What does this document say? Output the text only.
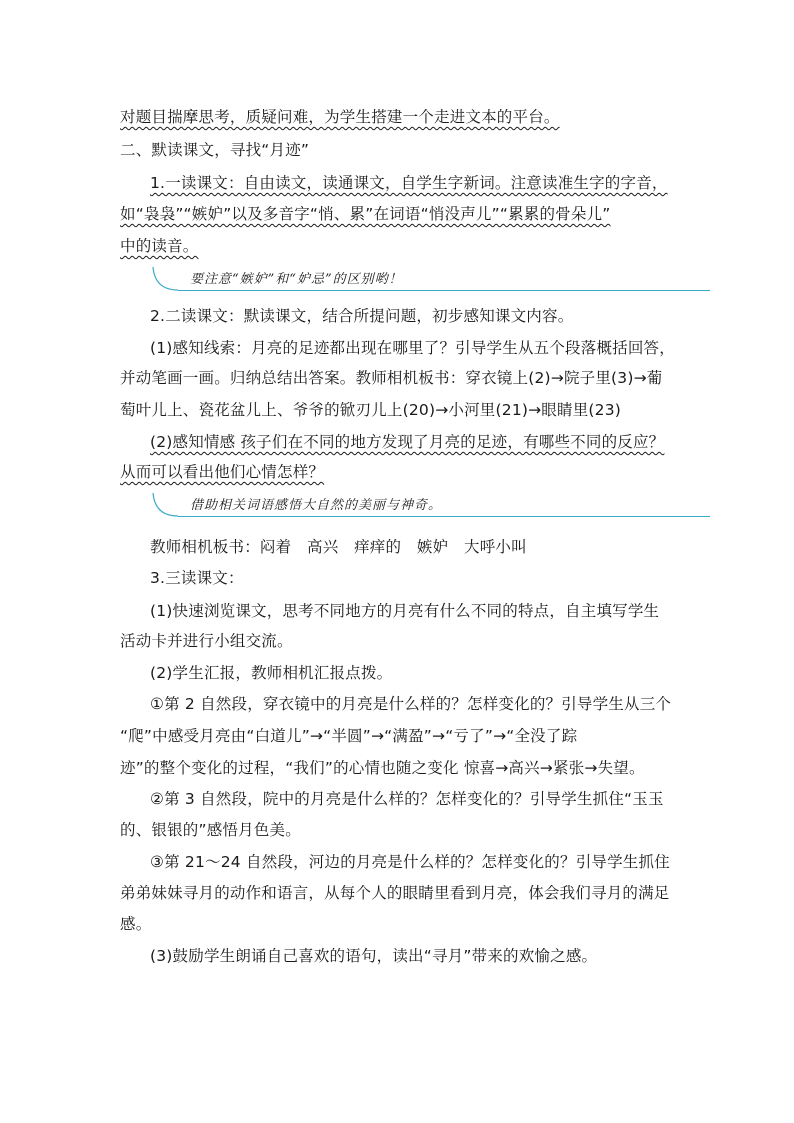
对题目揣摩思考，质疑问难，为学生搭建一个走进文本的平台。
二、默读课文，寻找“月迹”
1.一读课文：自由读文，读通课文，自学生字新词。注意读准生字的字音，
如“袅袅”“嫉妒”以及多音字“悄、累”在词语“悄没声儿”“累累的骨朵儿”
中的读音。
要注意“嫉妒”和“妒忌”的区别哟！
2.二读课文：默读课文，结合所提问题，初步感知课文内容。
(1)感知线索：月亮的足迹都出现在哪里了？引导学生从五个段落概括回答，
并动笔画一画。归纳总结出答案。教师相机板书：穿衣镜上(2)→院子里(3)→葡
萄叶儿上、瓷花盆儿上、爷爷的锨刃儿上(20)→小河里(21)→眼睛里(23)
(2)感知情感 孩子们在不同的地方发现了月亮的足迹，有哪些不同的反应？
从而可以看出他们心情怎样？
借助相关词语感悟大自然的美丽与神奇。
教师相机板书：闷着　高兴　痒痒的　嫉妒　大呼小叫
3.三读课文：
(1)快速浏览课文，思考不同地方的月亮有什么不同的特点，自主填写学生
活动卡并进行小组交流。
(2)学生汇报，教师相机汇报点拨。
①第 2 自然段，穿衣镜中的月亮是什么样的？怎样变化的？引导学生从三个
“爬”中感受月亮由“白道儿”→“半圆”→“满盈”→“亏了”→“全没了踪
迹”的整个变化的过程，“我们”的心情也随之变化 惊喜→高兴→紧张→失望。
②第 3 自然段，院中的月亮是什么样的？怎样变化的？引导学生抓住“玉玉
的、银银的”感悟月色美。
③第 21～24 自然段，河边的月亮是什么样的？怎样变化的？引导学生抓住
弟弟妹妹寻月的动作和语言，从每个人的眼睛里看到月亮，体会我们寻月的满足
感。
(3)鼓励学生朗诵自己喜欢的语句，读出“寻月”带来的欢愉之感。
